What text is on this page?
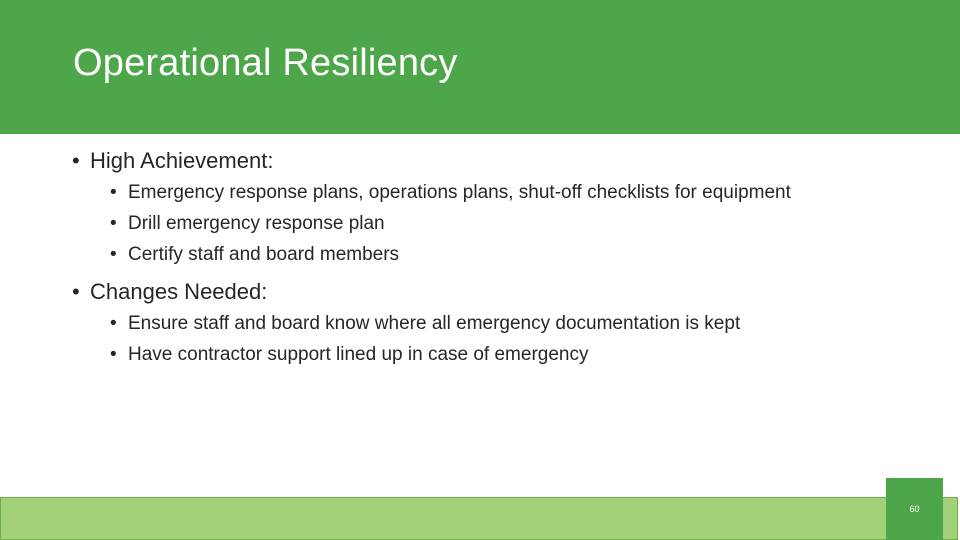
Operational Resiliency

• High Achievement:

• Emergency response plans, operations plans, shut-off checklists for equipment
• Drill emergency response plan
• Certify staff and board members

• Changes Needed:

• Ensure staff and board know where all emergency documentation is kept
• Have contractor support lined up in case of emergency
60
